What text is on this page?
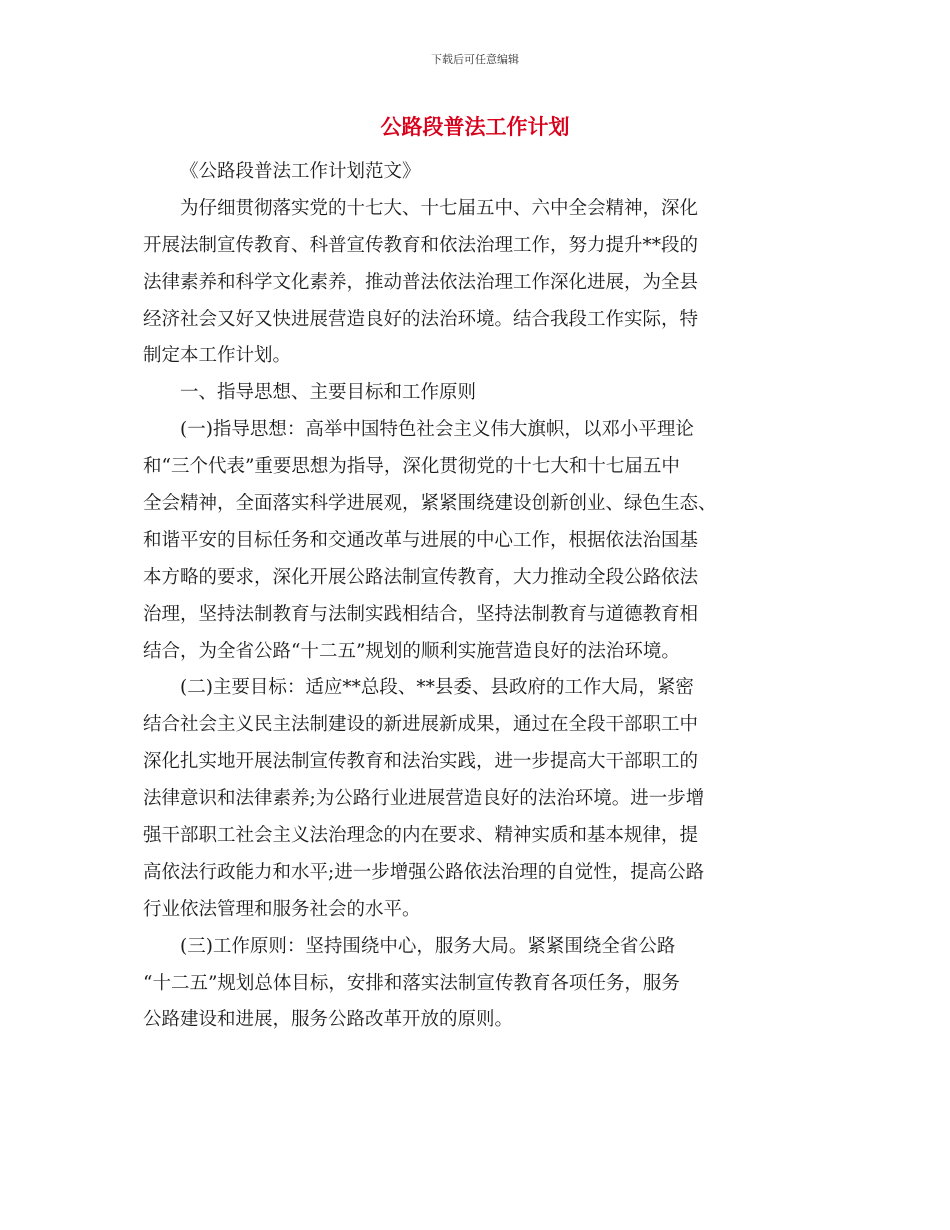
下载后可任意编辑
公路段普法工作计划
《公路段普法工作计划范文》
为仔细贯彻落实党的十七大、十七届五中、六中全会精神，深化
开展法制宣传教育、科普宣传教育和依法治理工作，努力提升**段的
法律素养和科学文化素养，推动普法依法治理工作深化进展，为全县
经济社会又好又快进展营造良好的法治环境。结合我段工作实际，特
制定本工作计划。
一、指导思想、主要目标和工作原则
(一)指导思想：高举中国特色社会主义伟大旗帜，以邓小平理论
和“三个代表”重要思想为指导，深化贯彻党的十七大和十七届五中
全会精神，全面落实科学进展观，紧紧围绕建设创新创业、绿色生态、
和谐平安的目标任务和交通改革与进展的中心工作，根据依法治国基
本方略的要求，深化开展公路法制宣传教育，大力推动全段公路依法
治理，坚持法制教育与法制实践相结合，坚持法制教育与道德教育相
结合，为全省公路“十二五”规划的顺利实施营造良好的法治环境。
(二)主要目标：适应**总段、**县委、县政府的工作大局，紧密
结合社会主义民主法制建设的新进展新成果，通过在全段干部职工中
深化扎实地开展法制宣传教育和法治实践，进一步提高大干部职工的
法律意识和法律素养;为公路行业进展营造良好的法治环境。进一步增
强干部职工社会主义法治理念的内在要求、精神实质和基本规律，提
高依法行政能力和水平;进一步增强公路依法治理的自觉性，提高公路
行业依法管理和服务社会的水平。
(三)工作原则：坚持围绕中心，服务大局。紧紧围绕全省公路
“十二五”规划总体目标，安排和落实法制宣传教育各项任务，服务
公路建设和进展，服务公路改革开放的原则。
